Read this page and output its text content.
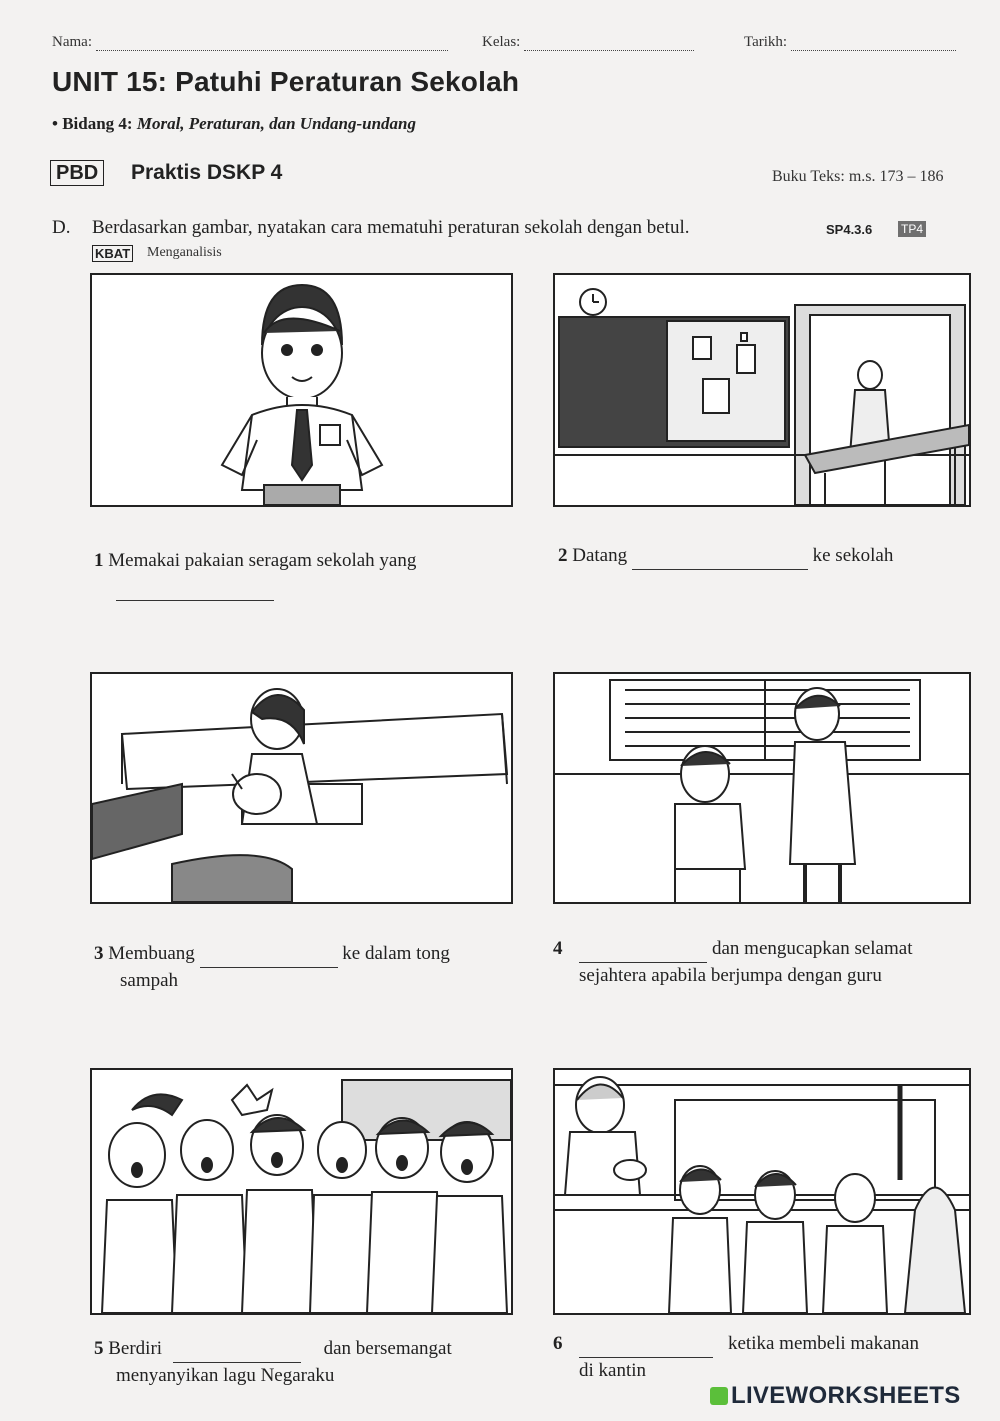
Nama:	Kelas:	Tarikh:
UNIT 15: Patuhi Peraturan Sekolah
• Bidang 4: Moral, Peraturan, dan Undang-undang
PBD Praktis DSKP 4	Buku Teks: m.s. 173 – 186
D. Berdasarkan gambar, nyatakan cara mematuhi peraturan sekolah dengan betul.	SP4.3.6 TP4
KBAT Menganalisis
1 Memakai pakaian seragam sekolah yang
	2 Datang	ke sekolah
3 Membuang	ke dalam tong
sampah
4	dan mengucapkan selamat
sejahtera apabila berjumpa dengan guru
5 Berdiri	dan bersemangat
menyanyikan lagu Negaraku
6	ketika membeli makanan
di kantin
LIVEWORKSHEETS
